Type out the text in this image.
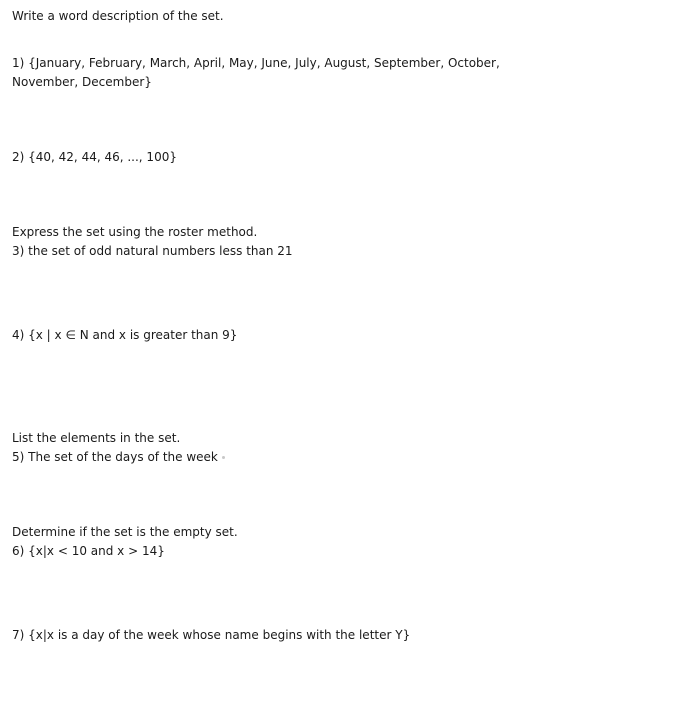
Write a word description of the set.
1) {January, February, March, April, May, June, July, August, September, October,
November, December}
2) {40, 42, 44, 46, ..., 100}
Express the set using the roster method.
3) the set of odd natural numbers less than 21
4) {x | x ∈ N and x is greater than 9}
List the elements in the set.
5) The set of the days of the week
Determine if the set is the empty set.
6) {x|x < 10 and x > 14}
7) {x|x is a day of the week whose name begins with the letter Y}
